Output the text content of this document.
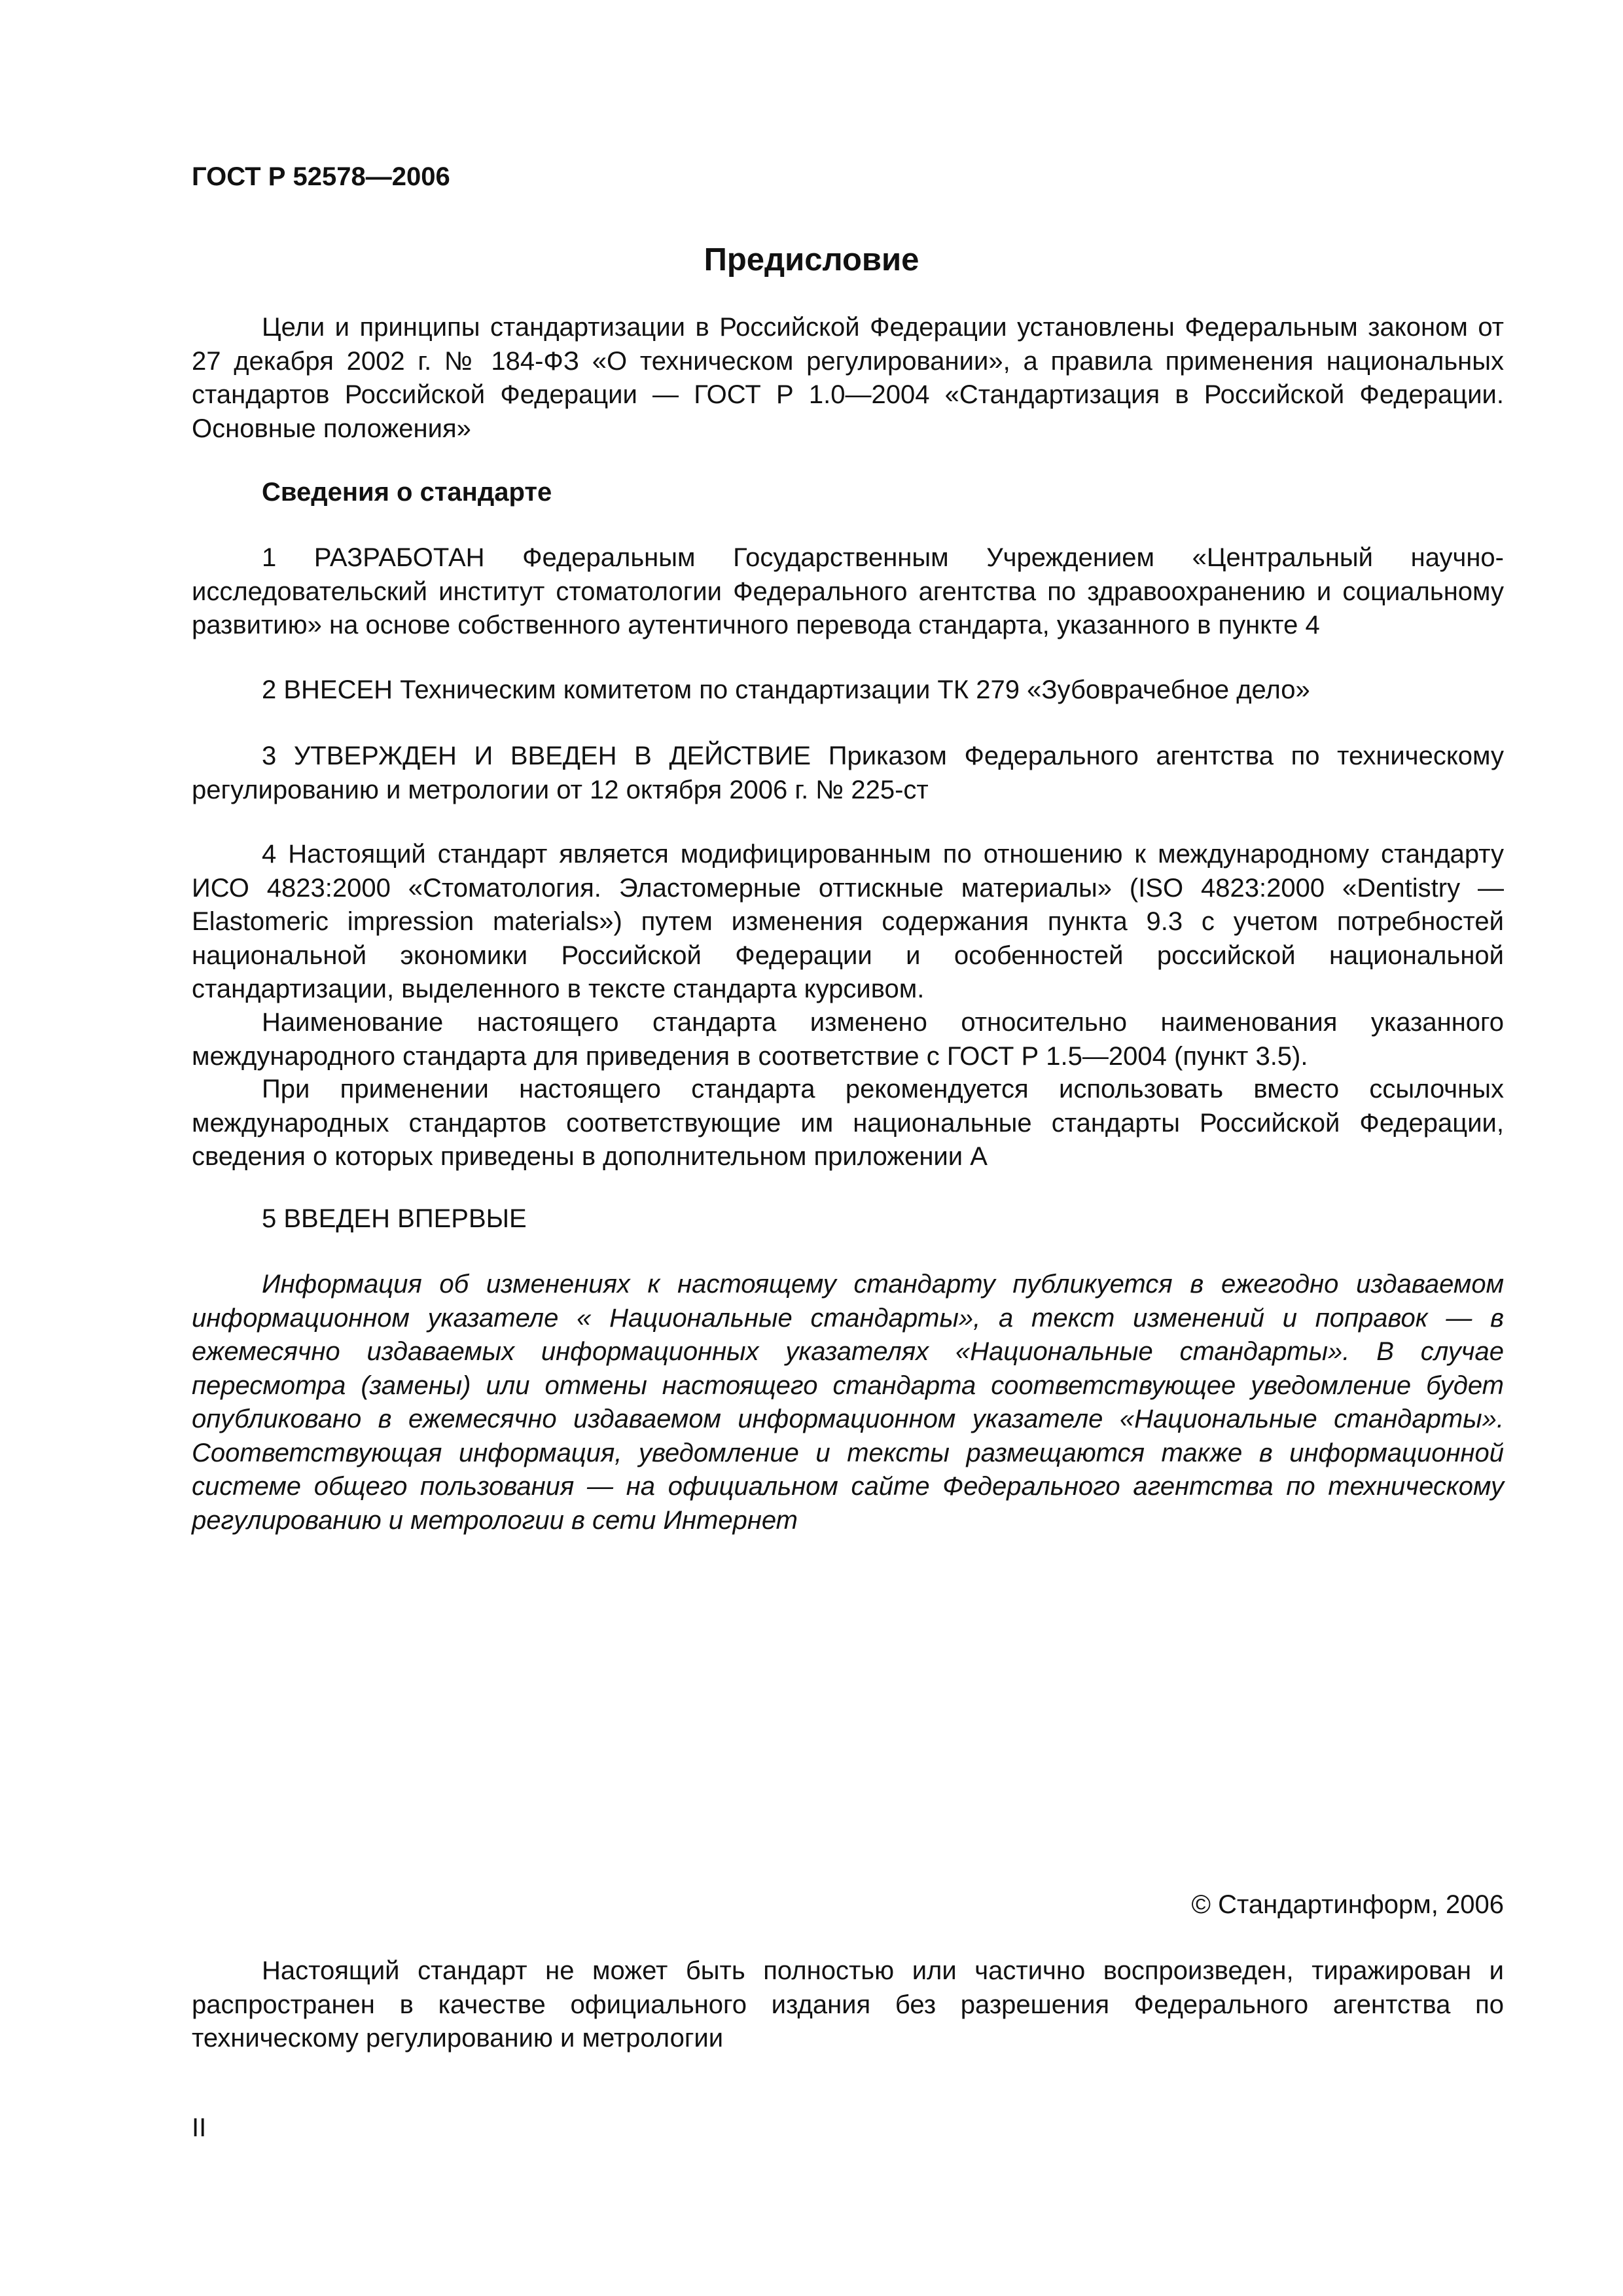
ГОСТ Р 52578—2006
Предисловие

Цели и принципы стандартизации в Российской Федерации установлены Федеральным законом от 27 декабря 2002 г. № 184-ФЗ «О техническом регулировании», а правила применения национальных стандартов Российской Федерации — ГОСТ Р 1.0—2004 «Стандартизация в Российской Федерации. Основные положения»

Сведения о стандарте

1 РАЗРАБОТАН Федеральным Государственным Учреждением «Центральный научно-исследовательский институт стоматологии Федерального агентства по здравоохранению и социальному развитию» на основе собственного аутентичного перевода стандарта, указанного в пункте 4

2 ВНЕСЕН Техническим комитетом по стандартизации ТК 279 «Зубоврачебное дело»

3 УТВЕРЖДЕН И ВВЕДЕН В ДЕЙСТВИЕ Приказом Федерального агентства по техническому регулированию и метрологии от 12 октября 2006 г. № 225-ст

4 Настоящий стандарт является модифицированным по отношению к международному стандарту ИСО 4823:2000 «Стоматология. Эластомерные оттискные материалы» (ISO 4823:2000 «Dentistry — Elastomeric impression materials») путем изменения содержания пункта 9.3 с учетом потребностей национальной экономики Российской Федерации и особенностей российской национальной стандартизации, выделенного в тексте стандарта курсивом.

Наименование настоящего стандарта изменено относительно наименования указанного международного стандарта для приведения в соответствие с ГОСТ Р 1.5—2004 (пункт 3.5).

При применении настоящего стандарта рекомендуется использовать вместо ссылочных международных стандартов соответствующие им национальные стандарты Российской Федерации, сведения о которых приведены в дополнительном приложении А

5 ВВЕДЕН ВПЕРВЫЕ

Информация об изменениях к настоящему стандарту публикуется в ежегодно издаваемом информационном указателе « Национальные стандарты», а текст изменений и поправок — в ежемесячно издаваемых информационных указателях «Национальные стандарты». В случае пересмотра (замены) или отмены настоящего стандарта соответствующее уведомление будет опубликовано в ежемесячно издаваемом информационном указателе «Национальные стандарты». Соответствующая информация, уведомление и тексты размещаются также в информационной системе общего пользования — на официальном сайте Федерального агентства по техническому регулированию и метрологии в сети Интернет

© Стандартинформ, 2006

Настоящий стандарт не может быть полностью или частично воспроизведен, тиражирован и распространен в качестве официального издания без разрешения Федерального агентства по техническому регулированию и метрологии

II
